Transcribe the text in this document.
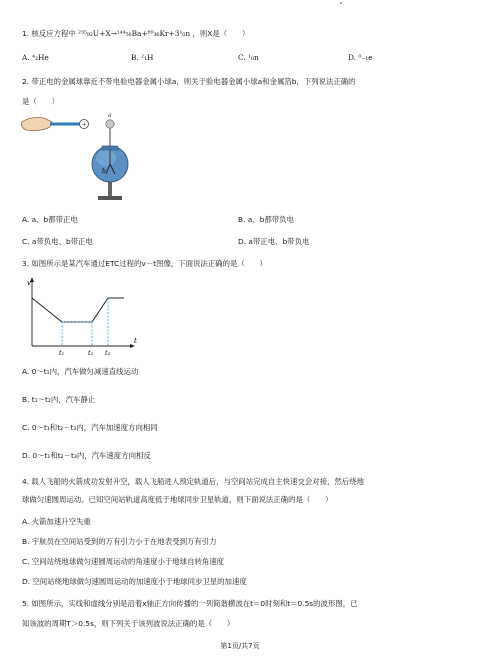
1. 核反应方程中 ²³⁵₉₂U+X→¹⁴⁴₅₆Ba+⁸⁹₃₆Kr+3¹₀n ，则X是（　　）
A. ⁴₂He	B. ²₁H	C. ¹₀n	D. ⁰₋₁e
2. 带正电的金属球靠近不带电验电器金属小球a，则关于验电器金属小球a和金属箔b，下列说法正确的
是（　　）
+
a
b
A. a、b都带正电	B. a、b都带负电
C. a带负电、b带正电	D. a带正电、b带负电
3. 如图所示是某汽车通过ETC过程的v－t图像，下面说法正确的是（　　）
v
t
t₁	t₂ t₃
A. 0～t₁内，汽车做匀减速直线运动
B. t₁～t₂内，汽车静止
C. 0～t₁和t₂－t₃内，汽车加速度方向相同
D. 0～t₁和t₂－t₃内，汽车速度方向相反
4. 载人飞船的火箭成功发射升空，载人飞船进入预定轨道后，与空间站完成自主快速交会对接，然后绕地
球做匀速圆周运动。已知空间站轨道高度低于地球同步卫星轨道，则下面说法正确的是（　　）
A. 火箭加速升空失重
B. 宇航员在空间站受到的万有引力小于在地表受到万有引力
C. 空间站绕地球做匀速圆周运动的角速度小于地球自转角速度
D. 空间站绕地球做匀速圆周运动的加速度小于地球同步卫星的加速度
5. 如图所示，实线和虚线分别是沿着x轴正方向传播的一列简谐横波在t＝0时刻和t＝0.5s的波形图，已
知该波的周期T＞0.5s，则下列关于该列波说法正确的是（　　）
第1页/共7页
